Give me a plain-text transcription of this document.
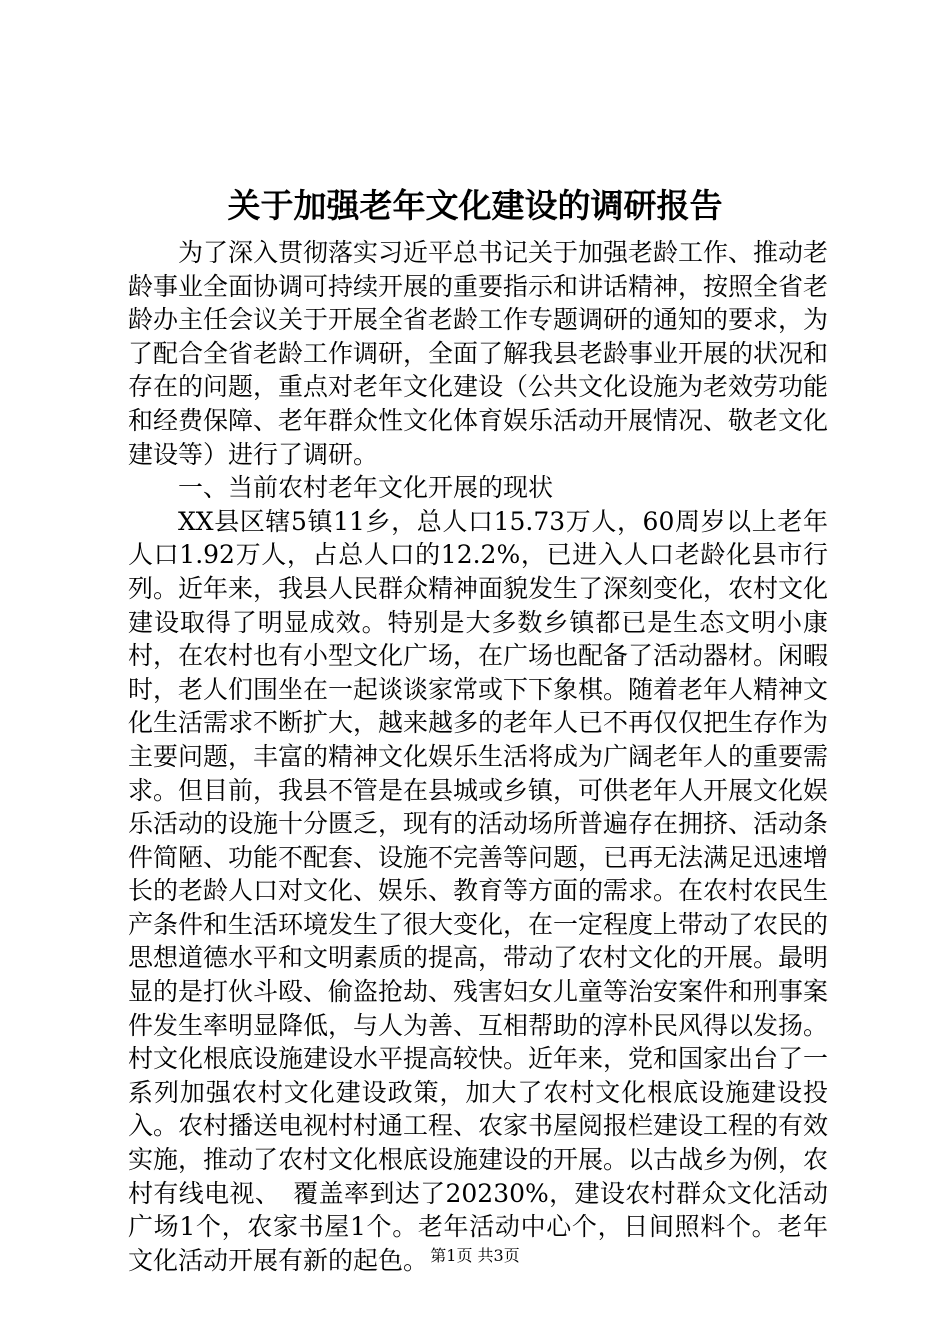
关于加强老年文化建设的调研报告

为了深入贯彻落实习近平总书记关于加强老龄工作、推动老龄事业全面协调可持续开展的重要指示和讲话精神，按照全省老龄办主任会议关于开展全省老龄工作专题调研的通知的要求，为了配合全省老龄工作调研，全面了解我县老龄事业开展的状况和存在的问题，重点对老年文化建设（公共文化设施为老效劳功能和经费保障、老年群众性文化体育娱乐活动开展情况、敬老文化建设等）进行了调研。

一、当前农村老年文化开展的现状

XX县区辖5镇11乡，总人口15.73万人，60周岁以上老年人口1.92万人，占总人口的12.2%，已进入人口老龄化县市行列。近年来，我县人民群众精神面貌发生了深刻变化，农村文化建设取得了明显成效。特别是大多数乡镇都已是生态文明小康村，在农村也有小型文化广场，在广场也配备了活动器材。闲暇时，老人们围坐在一起谈谈家常或下下象棋。随着老年人精神文化生活需求不断扩大，越来越多的老年人已不再仅仅把生存作为主要问题，丰富的精神文化娱乐生活将成为广阔老年人的重要需求。但目前，我县不管是在县城或乡镇，可供老年人开展文化娱乐活动的设施十分匮乏，现有的活动场所普遍存在拥挤、活动条件简陋、功能不配套、设施不完善等问题，已再无法满足迅速增长的老龄人口对文化、娱乐、教育等方面的需求。在农村农民生产条件和生活环境发生了很大变化，在一定程度上带动了农民的思想道德水平和文明素质的提高，带动了农村文化的开展。最明显的是打伙斗殴、偷盗抢劫、残害妇女儿童等治安案件和刑事案件发生率明显降低，与人为善、互相帮助的淳朴民风得以发扬。村文化根底设施建设水平提高较快。近年来，党和国家出台了一系列加强农村文化建设政策，加大了农村文化根底设施建设投入。农村播送电视村村通工程、农家书屋阅报栏建设工程的有效实施，推动了农村文化根底设施建设的开展。以古战乡为例，农村有线电视、　覆盖率到达了20230%，建设农村群众文化活动广场1个，农家书屋1个。老年活动中心个，日间照料个。老年文化活动开展有新的起色。 第1页 共3页
